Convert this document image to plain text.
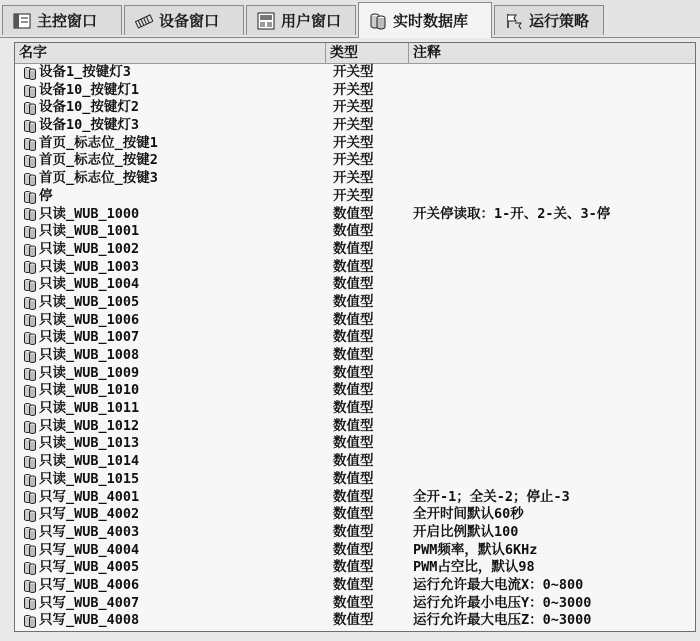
主控窗口	设备窗口	用户窗口	实时数据库	运行策略
名字	类型	注释
设备1_按键灯3	开关型
设备10_按键灯1	开关型
设备10_按键灯2	开关型
设备10_按键灯3	开关型
首页_标志位_按键1	开关型
首页_标志位_按键2	开关型
首页_标志位_按键3	开关型
停	开关型
只读_WUB_1000	数值型	开关停读取：1-开、2-关、3-停
只读_WUB_1001	数值型
只读_WUB_1002	数值型
只读_WUB_1003	数值型
只读_WUB_1004	数值型
只读_WUB_1005	数值型
只读_WUB_1006	数值型
只读_WUB_1007	数值型
只读_WUB_1008	数值型
只读_WUB_1009	数值型
只读_WUB_1010	数值型
只读_WUB_1011	数值型
只读_WUB_1012	数值型
只读_WUB_1013	数值型
只读_WUB_1014	数值型
只读_WUB_1015	数值型
只写_WUB_4001	数值型	全开-1；全关-2；停止-3
只写_WUB_4002	数值型	全开时间默认60秒
只写_WUB_4003	数值型	开启比例默认100
只写_WUB_4004	数值型	PWM频率，默认6KHz
只写_WUB_4005	数值型	PWM占空比，默认98
只写_WUB_4006	数值型	运行允许最大电流X：0~800
只写_WUB_4007	数值型	运行允许最小电压Y：0~3000
只写_WUB_4008	数值型	运行允许最大电压Z：0~3000
